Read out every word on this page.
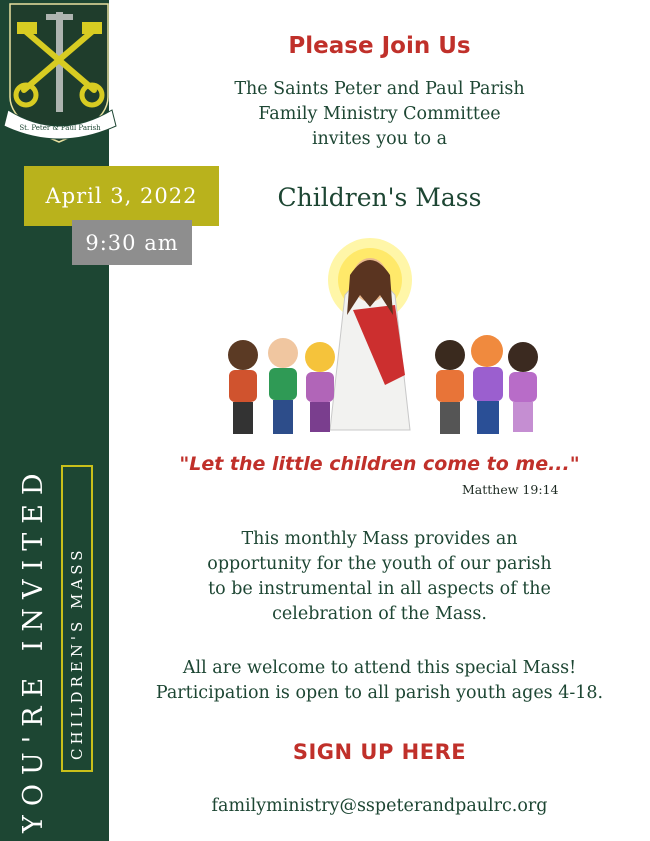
St. Peter & Paul Parish
YOU'RE INVITED CHILDREN'S MASS
April 3, 2022
9:30 am
Please Join Us
The Saints Peter and Paul Parish
Family Ministry Committee
invites you to a
Children's Mass
"Let the little children come to me..."
Matthew 19:14
This monthly Mass provides an
opportunity for the youth of our parish
to be instrumental in all aspects of the
celebration of the Mass.
All are welcome to attend this special Mass!
Participation is open to all parish youth ages 4-18.
SIGN UP HERE
familyministry@sspeterandpaulrc.org
